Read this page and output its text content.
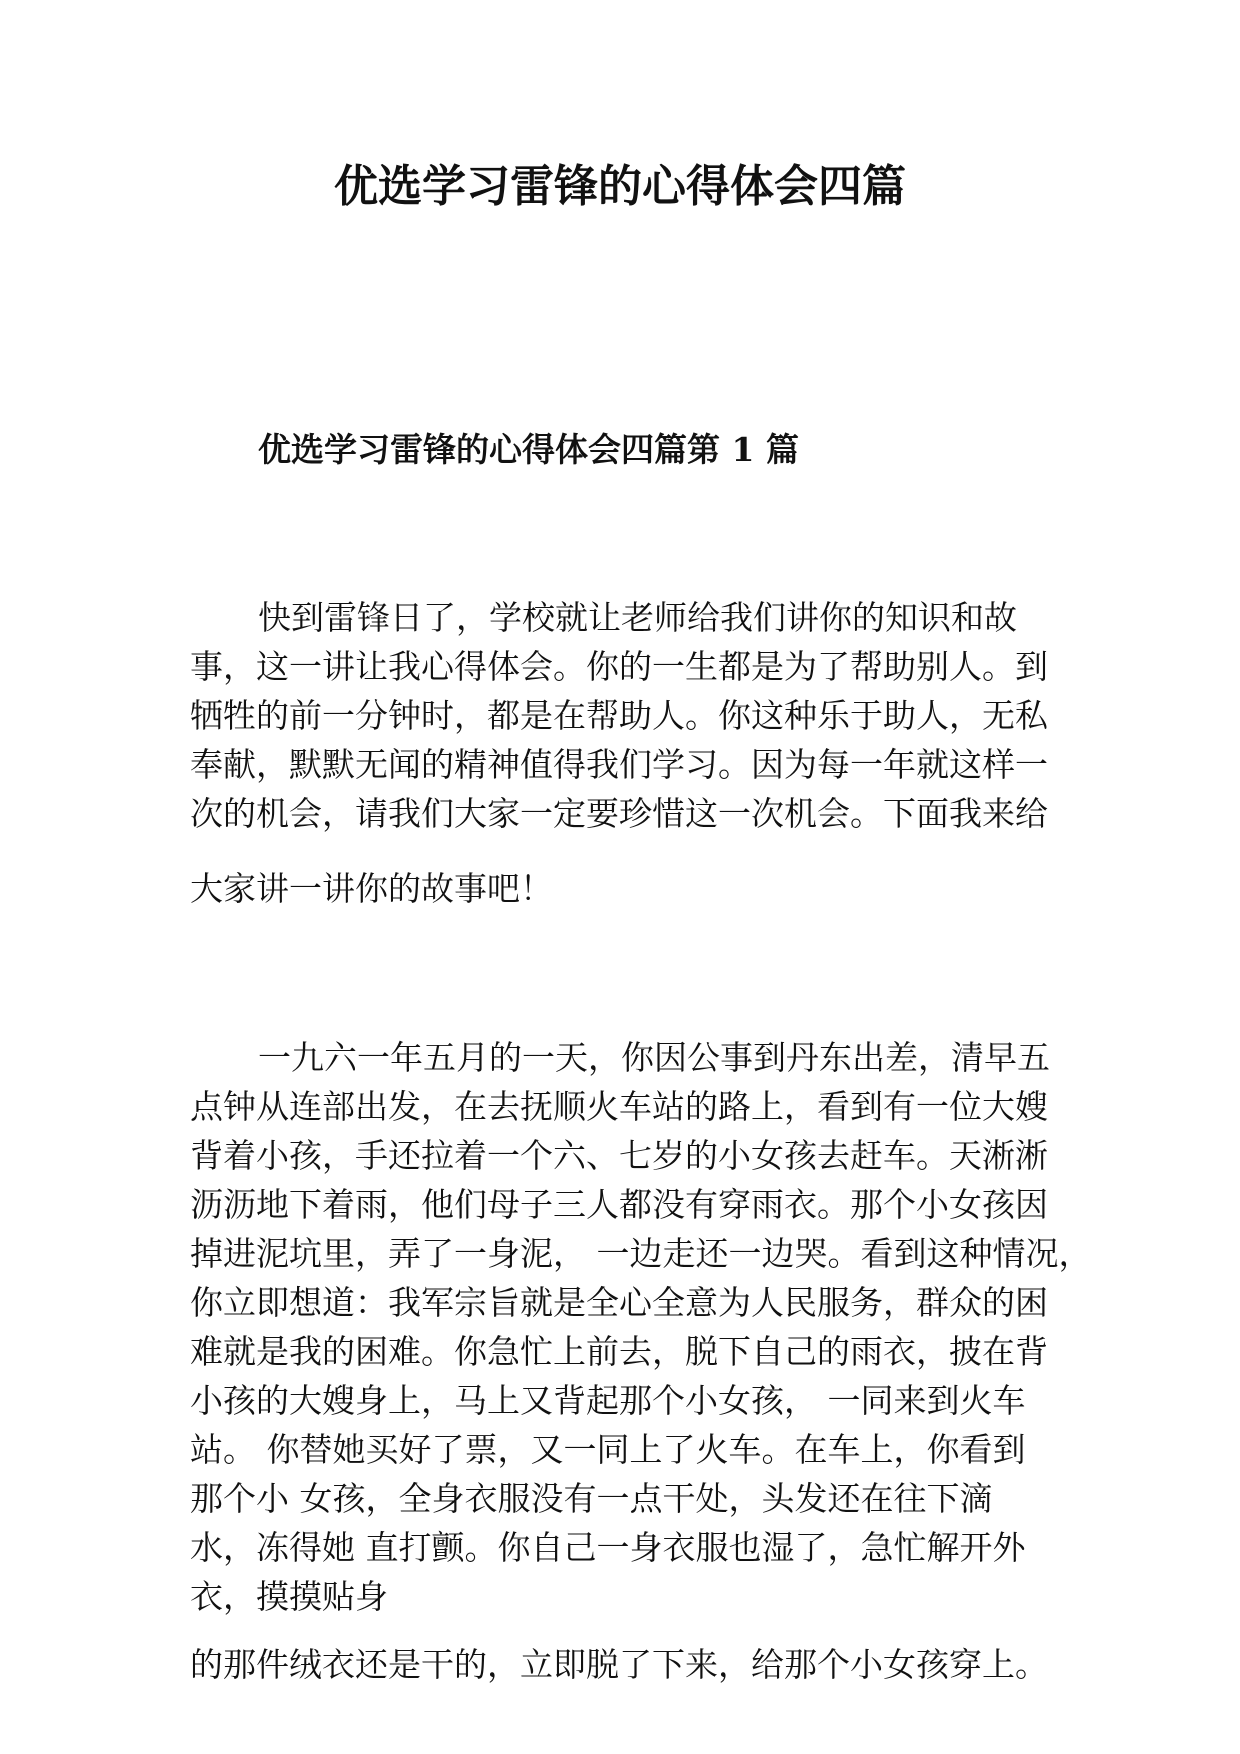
优选学习雷锋的心得体会四篇
优选学习雷锋的心得体会四篇第 1 篇
快到雷锋日了，学校就让老师给我们讲你的知识和故
事，这一讲让我心得体会。你的一生都是为了帮助别人。到
牺牲的前一分钟时，都是在帮助人。你这种乐于助人，无私
奉献，默默无闻的精神值得我们学习。因为每一年就这样一
次的机会，请我们大家一定要珍惜这一次机会。下面我来给
大家讲一讲你的故事吧！
一九六一年五月的一天，你因公事到丹东出差，清早五
点钟从连部出发，在去抚顺火车站的路上，看到有一位大嫂
背着小孩，手还拉着一个六、七岁的小女孩去赶车。天淅淅
沥沥地下着雨，他们母子三人都没有穿雨衣。那个小女孩因
掉进泥坑里，弄了一身泥， 一边走还一边哭。看到这种情况，
你立即想道：我军宗旨就是全心全意为人民服务，群众的困
难就是我的困难。你急忙上前去，脱下自己的雨衣，披在背
小孩的大嫂身上，马上又背起那个小女孩， 一同来到火车
站。 你替她买好了票，又一同上了火车。在车上，你看到
那个小 女孩，全身衣服没有一点干处，头发还在往下滴
水，冻得她 直打颤。你自己一身衣服也湿了，急忙解开外
衣，摸摸贴身
的那件绒衣还是干的，立即脱了下来，给那个小女孩穿上。
